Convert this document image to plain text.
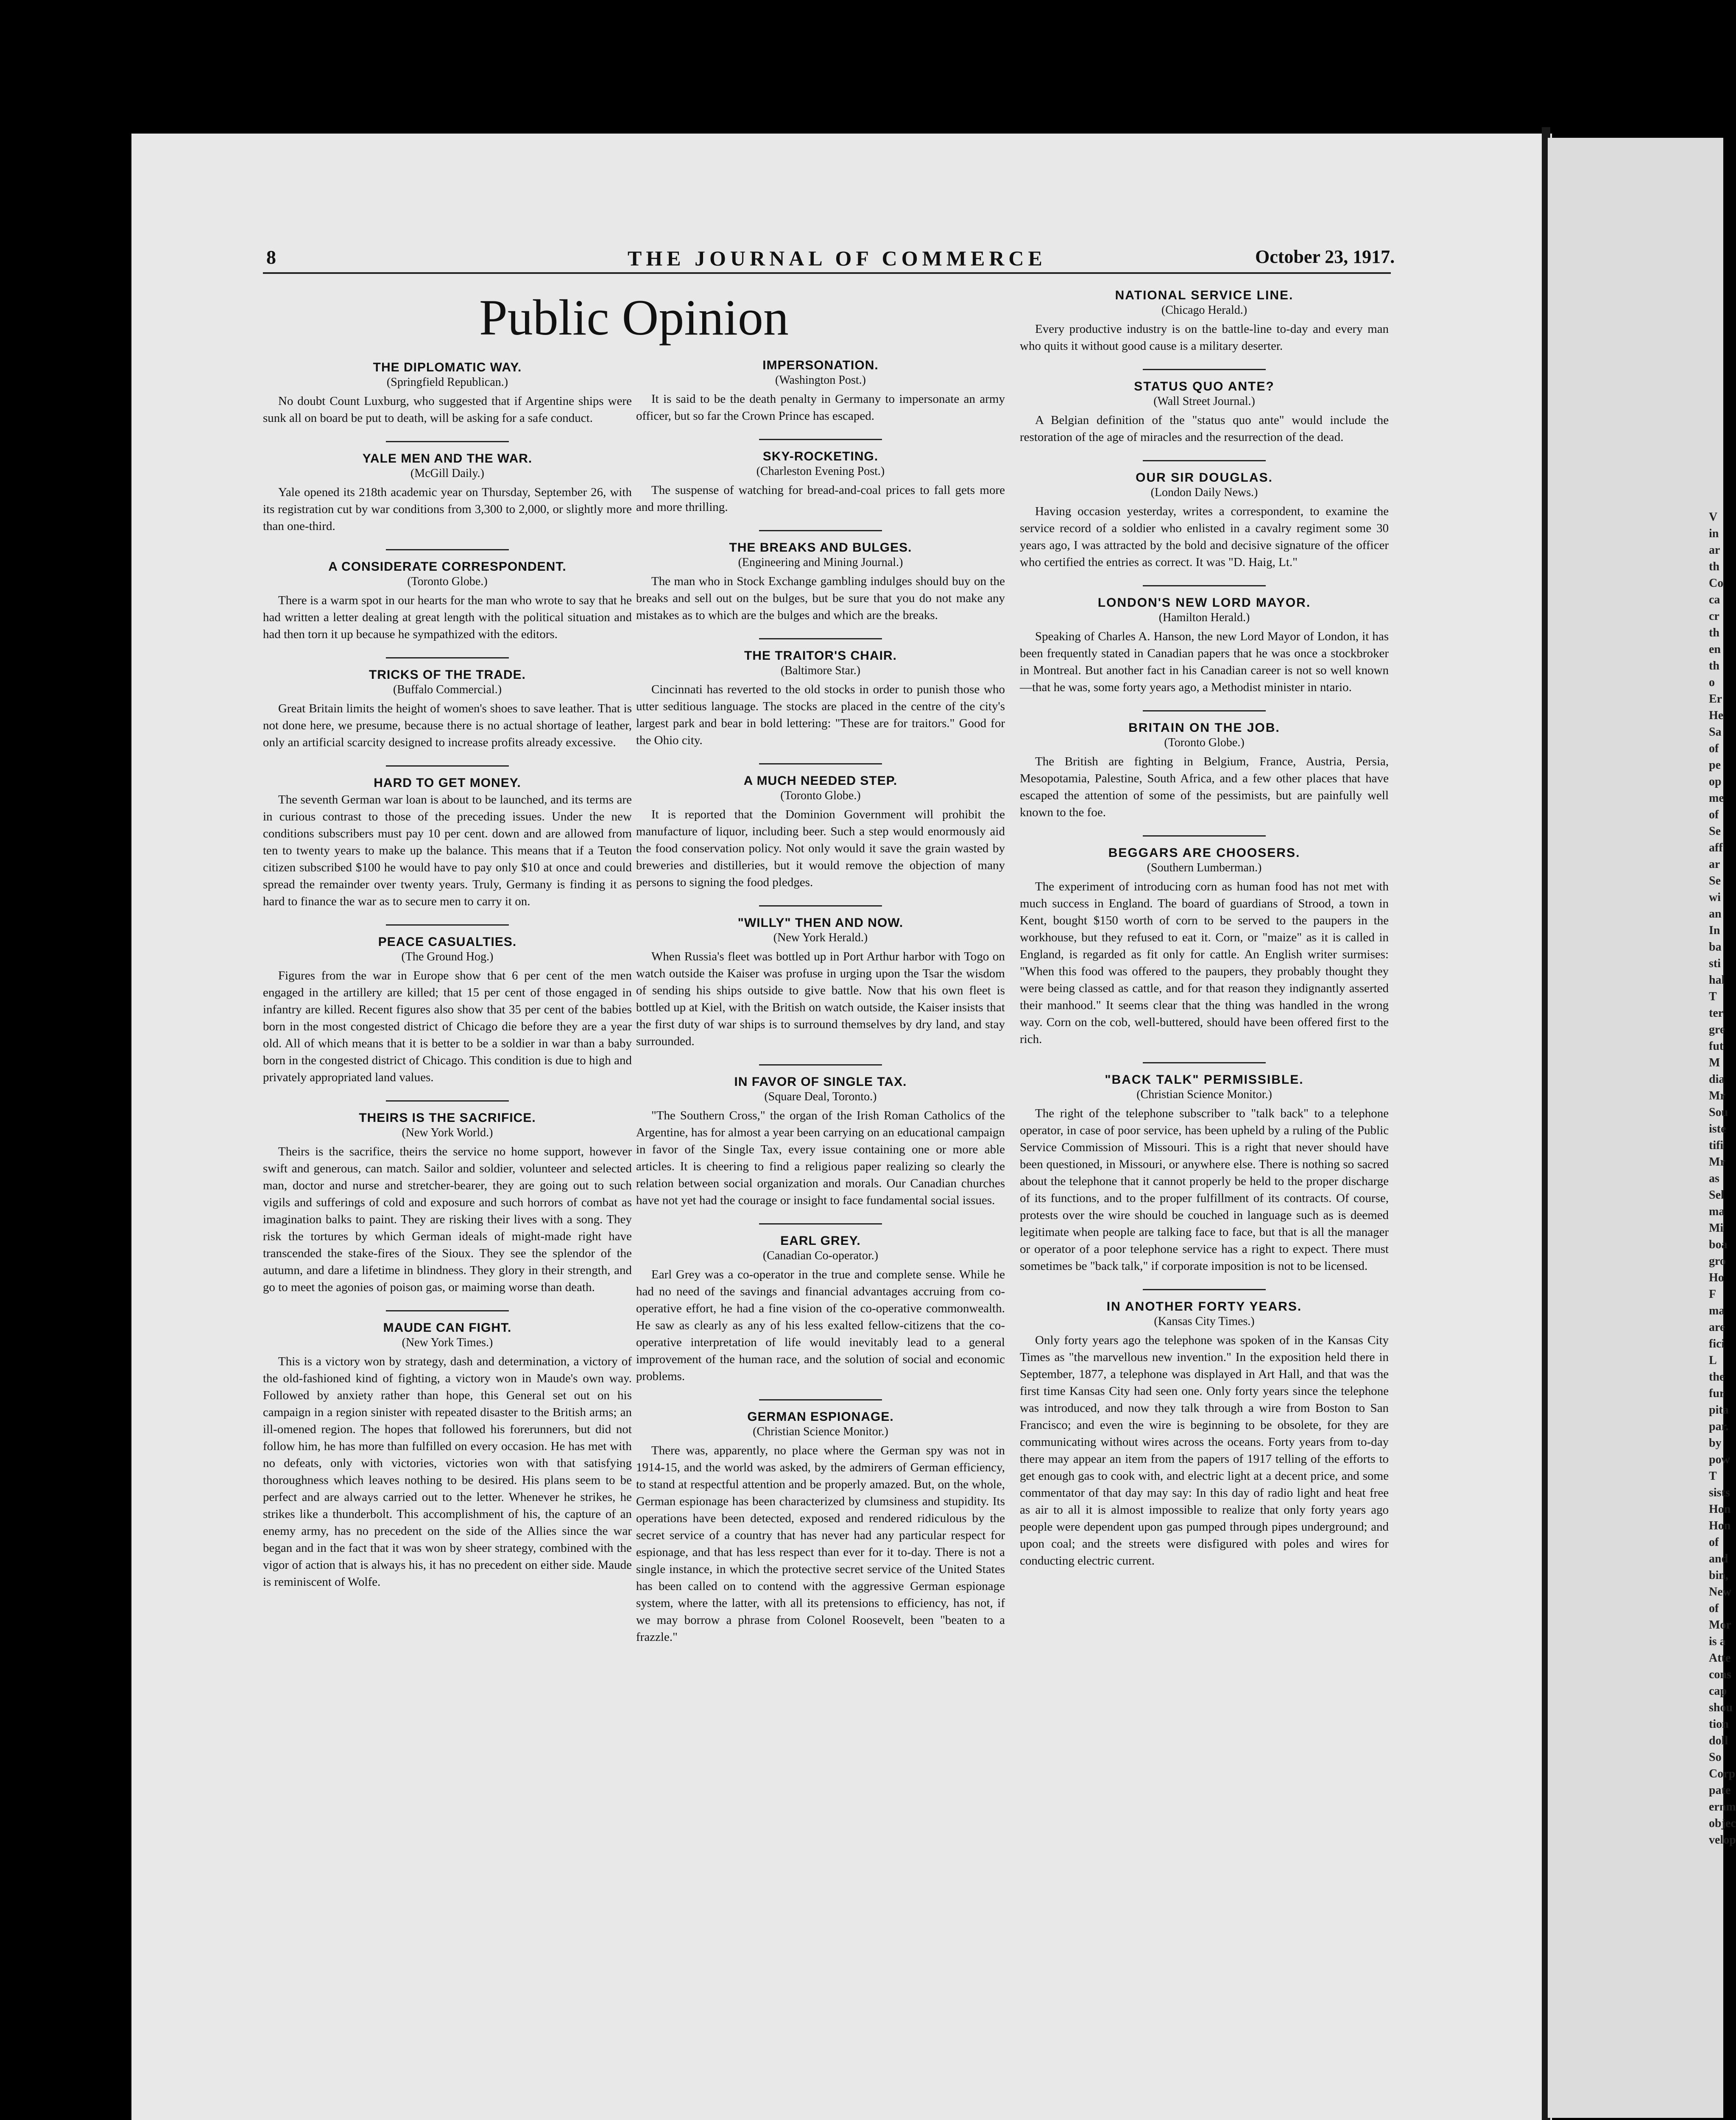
8	THE JOURNAL OF COMMERCE	October 23, 1917.
Public Opinion
THE DIPLOMATIC WAY.
(Springfield Republican.)
No doubt Count Luxburg, who suggested that if Argentine ships were sunk all on board be put to death, will be asking for a safe conduct.
YALE MEN AND THE WAR.
(McGill Daily.)
Yale opened its 218th academic year on Thursday, September 26, with its registration cut by war conditions from 3,300 to 2,000, or slightly more than one-third.
A CONSIDERATE CORRESPONDENT.
(Toronto Globe.)
There is a warm spot in our hearts for the man who wrote to say that he had written a letter dealing at great length with the political situation and had then torn it up because he sympathized with the editors.
TRICKS OF THE TRADE.
(Buffalo Commercial.)
Great Britain limits the height of women's shoes to save leather. That is not done here, we presume, because there is no actual shortage of leather, only an artificial scarcity designed to increase profits already excessive.
HARD TO GET MONEY.
The seventh German war loan is about to be launched, and its terms are in curious contrast to those of the preceding issues. Under the new conditions subscribers must pay 10 per cent. down and are allowed from ten to twenty years to make up the balance. This means that if a Teuton citizen subscribed $100 he would have to pay only $10 at once and could spread the remainder over twenty years. Truly, Germany is finding it as hard to finance the war as to secure men to carry it on.
PEACE CASUALTIES.
(The Ground Hog.)
Figures from the war in Europe show that 6 per cent of the men engaged in the artillery are killed; that 15 per cent of those engaged in infantry are killed. Recent figures also show that 35 per cent of the babies born in the most congested district of Chicago die before they are a year old. All of which means that it is better to be a soldier in war than a baby born in the congested district of Chicago. This condition is due to high and privately appropriated land values.
THEIRS IS THE SACRIFICE.
(New York World.)
Theirs is the sacrifice, theirs the service no home support, however swift and generous, can match. Sailor and soldier, volunteer and selected man, doctor and nurse and stretcher-bearer, they are going out to such vigils and sufferings of cold and exposure and such horrors of combat as imagination balks to paint. They are risking their lives with a song. They risk the tortures by which German ideals of might-made right have transcended the stake-fires of the Sioux. They see the splendor of the autumn, and dare a lifetime in blindness. They glory in their strength, and go to meet the agonies of poison gas, or maiming worse than death.
MAUDE CAN FIGHT.
(New York Times.)
This is a victory won by strategy, dash and determination, a victory of the old-fashioned kind of fighting, a victory won in Maude's own way. Followed by anxiety rather than hope, this General set out on his campaign in a region sinister with repeated disaster to the British arms; an ill-omened region. The hopes that followed his forerunners, but did not follow him, he has more than fulfilled on every occasion. He has met with no defeats, only with victories, victories won with that satisfying thoroughness which leaves nothing to be desired. His plans seem to be perfect and are always carried out to the letter. Whenever he strikes, he strikes like a thunderbolt. This accomplishment of his, the capture of an enemy army, has no precedent on the side of the Allies since the war began and in the fact that it was won by sheer strategy, combined with the vigor of action that is always his, it has no precedent on either side. Maude is reminiscent of Wolfe.
IMPERSONATION.
(Washington Post.)
It is said to be the death penalty in Germany to impersonate an army officer, but so far the Crown Prince has escaped.
SKY-ROCKETING.
(Charleston Evening Post.)
The suspense of watching for bread-and-coal prices to fall gets more and more thrilling.
THE BREAKS AND BULGES.
(Engineering and Mining Journal.)
The man who in Stock Exchange gambling indulges should buy on the breaks and sell out on the bulges, but be sure that you do not make any mistakes as to which are the bulges and which are the breaks.
THE TRAITOR'S CHAIR.
(Baltimore Star.)
Cincinnati has reverted to the old stocks in order to punish those who utter seditious language. The stocks are placed in the centre of the city's largest park and bear in bold lettering: "These are for traitors." Good for the Ohio city.
A MUCH NEEDED STEP.
(Toronto Globe.)
It is reported that the Dominion Government will prohibit the manufacture of liquor, including beer. Such a step would enormously aid the food conservation policy. Not only would it save the grain wasted by breweries and distilleries, but it would remove the objection of many persons to signing the food pledges.
"WILLY" THEN AND NOW.
(New York Herald.)
When Russia's fleet was bottled up in Port Arthur harbor with Togo on watch outside the Kaiser was profuse in urging upon the Tsar the wisdom of sending his ships outside to give battle. Now that his own fleet is bottled up at Kiel, with the British on watch outside, the Kaiser insists that the first duty of war ships is to surround themselves by dry land, and stay surrounded.
IN FAVOR OF SINGLE TAX.
(Square Deal, Toronto.)
"The Southern Cross," the organ of the Irish Roman Catholics of the Argentine, has for almost a year been carrying on an educational campaign in favor of the Single Tax, every issue containing one or more able articles. It is cheering to find a religious paper realizing so clearly the relation between social organization and morals. Our Canadian churches have not yet had the courage or insight to face fundamental social issues.
EARL GREY.
(Canadian Co-operator.)
Earl Grey was a co-operator in the true and complete sense. While he had no need of the savings and financial advantages accruing from co-operative effort, he had a fine vision of the co-operative commonwealth. He saw as clearly as any of his less exalted fellow-citizens that the co-operative interpretation of life would inevitably lead to a general improvement of the human race, and the solution of social and economic problems.
GERMAN ESPIONAGE.
(Christian Science Monitor.)
There was, apparently, no place where the German spy was not in 1914-15, and the world was asked, by the admirers of German efficiency, to stand at respectful attention and be properly amazed. But, on the whole, German espionage has been characterized by clumsiness and stupidity. Its operations have been detected, exposed and rendered ridiculous by the secret service of a country that has never had any particular respect for espionage, and that has less respect than ever for it to-day. There is not a single instance, in which the protective secret service of the United States has been called on to contend with the aggressive German espionage system, where the latter, with all its pretensions to efficiency, has not, if we may borrow a phrase from Colonel Roosevelt, been "beaten to a frazzle."
NATIONAL SERVICE LINE.
(Chicago Herald.)
Every productive industry is on the battle-line to-day and every man who quits it without good cause is a military deserter.
STATUS QUO ANTE?
(Wall Street Journal.)
A Belgian definition of the "status quo ante" would include the restoration of the age of miracles and the resurrection of the dead.
OUR SIR DOUGLAS.
(London Daily News.)
Having occasion yesterday, writes a correspondent, to examine the service record of a soldier who enlisted in a cavalry regiment some 30 years ago, I was attracted by the bold and decisive signature of the officer who certified the entries as correct. It was "D. Haig, Lt."
LONDON'S NEW LORD MAYOR.
(Hamilton Herald.)
Speaking of Charles A. Hanson, the new Lord Mayor of London, it has been frequently stated in Canadian papers that he was once a stockbroker in Montreal. But another fact in his Canadian career is not so well known—that he was, some forty years ago, a Methodist minister in ntario.
BRITAIN ON THE JOB.
(Toronto Globe.)
The British are fighting in Belgium, France, Austria, Persia, Mesopotamia, Palestine, South Africa, and a few other places that have escaped the attention of some of the pessimists, but are painfully well known to the foe.
BEGGARS ARE CHOOSERS.
(Southern Lumberman.)
The experiment of introducing corn as human food has not met with much success in England. The board of guardians of Strood, a town in Kent, bought $150 worth of corn to be served to the paupers in the workhouse, but they refused to eat it. Corn, or "maize" as it is called in England, is regarded as fit only for cattle. An English writer surmises: "When this food was offered to the paupers, they probably thought they were being classed as cattle, and for that reason they indignantly asserted their manhood." It seems clear that the thing was handled in the wrong way. Corn on the cob, well-buttered, should have been offered first to the rich.
"BACK TALK" PERMISSIBLE.
(Christian Science Monitor.)
The right of the telephone subscriber to "talk back" to a telephone operator, in case of poor service, has been upheld by a ruling of the Public Service Commission of Missouri. This is a right that never should have been questioned, in Missouri, or anywhere else. There is nothing so sacred about the telephone that it cannot properly be held to the proper discharge of its functions, and to the proper fulfillment of its contracts. Of course, protests over the wire should be couched in language such as is deemed legitimate when people are talking face to face, but that is all the manager or operator of a poor telephone service has a right to expect. There must sometimes be "back talk," if corporate imposition is not to be licensed.
IN ANOTHER FORTY YEARS.
(Kansas City Times.)
Only forty years ago the telephone was spoken of in the Kansas City Times as "the marvellous new invention." In the exposition held there in September, 1877, a telephone was displayed in Art Hall, and that was the first time Kansas City had seen one. Only forty years since the telephone was introduced, and now they talk through a wire from Boston to San Francisco; and even the wire is beginning to be obsolete, for they are communicating without wires across the oceans. Forty years from to-day there may appear an item from the papers of 1917 telling of the efforts to get enough gas to cook with, and electric light at a decent price, and some commentator of that day may say: In this day of radio light and heat free as air to all it is almost impossible to realize that only forty years ago people were dependent upon gas pumped through pipes underground; and upon coal; and the streets were disfigured with poles and wires for conducting electric current.
V
in
ar
th
Co
ca
cr
th
en
th
o
Er
He
Sa
of
pe
op
me
of
Se
aff
ar
Se
wi
an
In
ba
sti
hal
T
ter
gre
fut
M
dia
Mr
Sou
iste
tifi
Mr
as
Sel
ma
Mi
boa
gro
Ho
F
ma
are
fici
L
the
fur
pita
par.
by
pow
T
sists
Hon
Hon
of
and
bin,
New
of
Mor
is a
Atte
cons
cap
shou
tion
doll
So
Corp
pate
ernm
objec
velop
